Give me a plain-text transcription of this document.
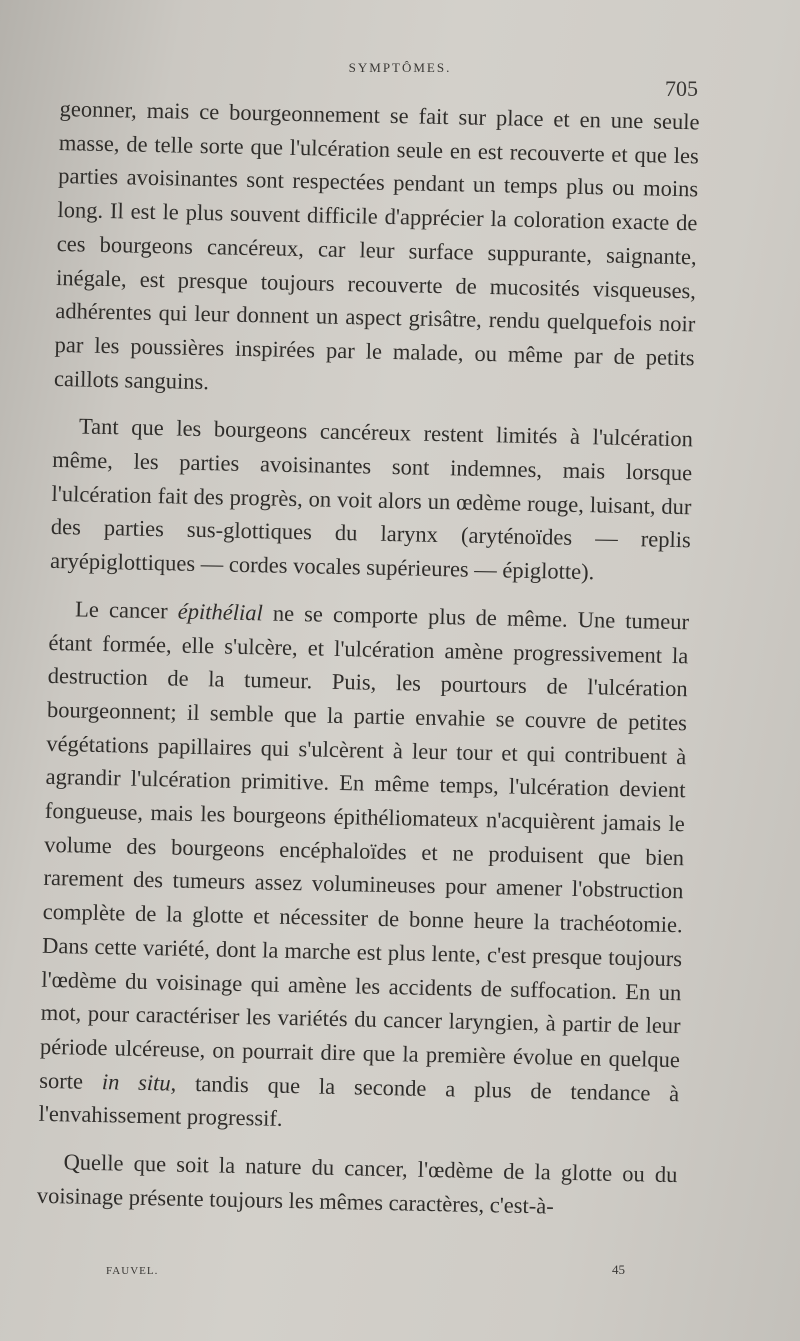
SYMPTÔMES.
705

geonner, mais ce bourgeonnement se fait sur place et en une seule masse, de telle sorte que l'ulcération seule en est recouverte et que les parties avoisinantes sont respectées pendant un temps plus ou moins long. Il est le plus souvent difficile d'apprécier la coloration exacte de ces bourgeons cancéreux, car leur surface suppurante, saignante, inégale, est presque toujours recouverte de mucosités visqueuses, adhérentes qui leur donnent un aspect grisâtre, rendu quelquefois noir par les poussières inspirées par le malade, ou même par de petits caillots sanguins.

Tant que les bourgeons cancéreux restent limités à l'ulcération même, les parties avoisinantes sont indemnes, mais lorsque l'ulcération fait des progrès, on voit alors un œdème rouge, luisant, dur des parties sus-glottiques du larynx (aryténoïdes — replis aryépiglottiques — cordes vocales supérieures — épiglotte).

Le cancer épithélial ne se comporte plus de même. Une tumeur étant formée, elle s'ulcère, et l'ulcération amène progressivement la destruction de la tumeur. Puis, les pourtours de l'ulcération bourgeonnent; il semble que la partie envahie se couvre de petites végétations papillaires qui s'ulcèrent à leur tour et qui contribuent à agrandir l'ulcération primitive. En même temps, l'ulcération devient fongueuse, mais les bourgeons épithéliomateux n'acquièrent jamais le volume des bourgeons encéphaloïdes et ne produisent que bien rarement des tumeurs assez volumineuses pour amener l'obstruction complète de la glotte et nécessiter de bonne heure la trachéotomie. Dans cette variété, dont la marche est plus lente, c'est presque toujours l'œdème du voisinage qui amène les accidents de suffocation. En un mot, pour caractériser les variétés du cancer laryngien, à partir de leur période ulcéreuse, on pourrait dire que la première évolue en quelque sorte in situ, tandis que la seconde a plus de tendance à l'envahissement progressif.

Quelle que soit la nature du cancer, l'œdème de la glotte ou du voisinage présente toujours les mêmes caractères, c'est-à-

FAUVEL.	45
